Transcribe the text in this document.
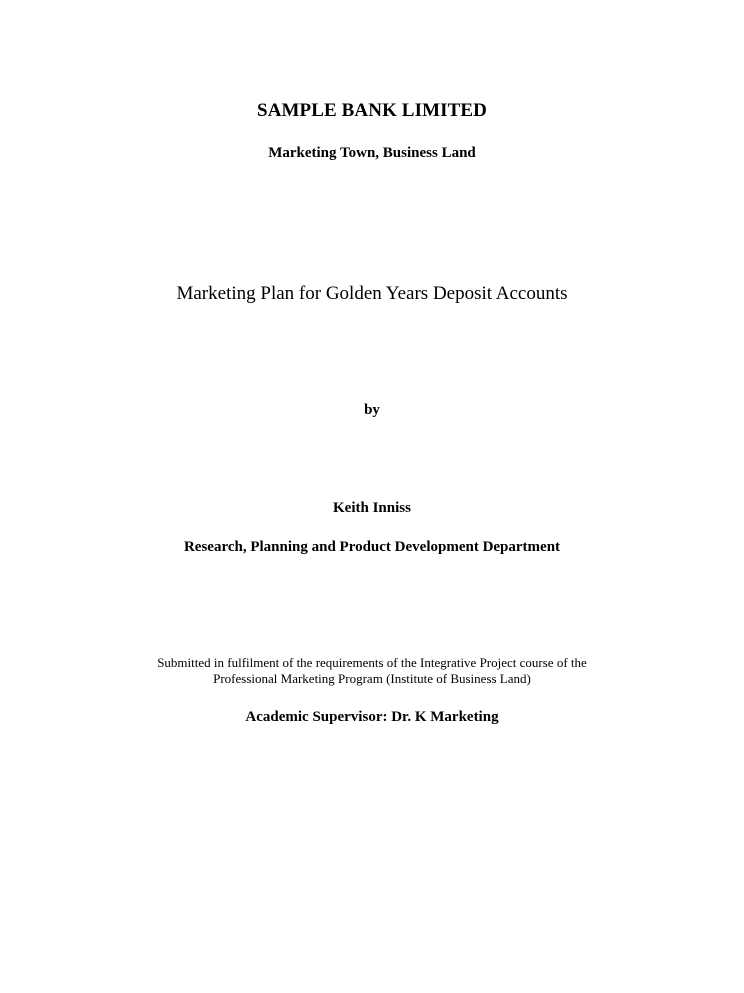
SAMPLE BANK LIMITED

Marketing Town, Business Land

Marketing Plan for Golden Years Deposit Accounts

by

Keith Inniss

Research, Planning and Product Development Department

Submitted in fulfilment of the requirements of the Integrative Project course of the
Professional Marketing Program (Institute of Business Land)

Academic Supervisor: Dr. K Marketing
